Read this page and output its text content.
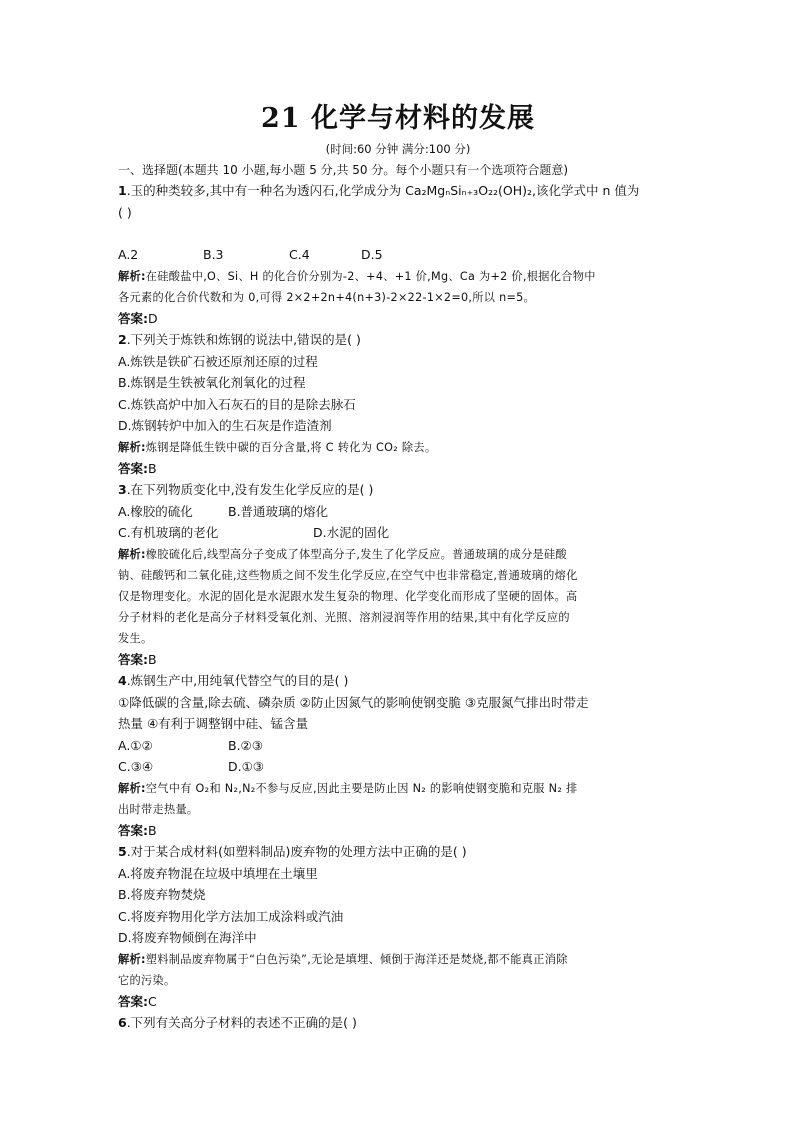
21 化学与材料的发展
(时间:60 分钟 满分:100 分)
一、选择题(本题共 10 小题,每小题 5 分,共 50 分。每个小题只有一个选项符合题意)
1.玉的种类较多,其中有一种名为透闪石,化学成分为 Ca₂MgₙSiₙ₊₃O₂₂(OH)₂,该化学式中 n 值为
( )
A.2	B.3	C.4	D.5
解析:在硅酸盐中,O、Si、H 的化合价分别为-2、+4、+1 价,Mg、Ca 为+2 价,根据化合物中
各元素的化合价代数和为 0,可得 2×2+2n+4(n+3)-2×22-1×2=0,所以 n=5。
答案:D
2.下列关于炼铁和炼钢的说法中,错误的是( )
A.炼铁是铁矿石被还原剂还原的过程
B.炼钢是生铁被氧化剂氧化的过程
C.炼铁高炉中加入石灰石的目的是除去脉石
D.炼钢转炉中加入的生石灰是作造渣剂
解析:炼钢是降低生铁中碳的百分含量,将 C 转化为 CO₂ 除去。
答案:B
3.在下列物质变化中,没有发生化学反应的是( )
A.橡胶的硫化	B.普通玻璃的熔化
C.有机玻璃的老化	D.水泥的固化
解析:橡胶硫化后,线型高分子变成了体型高分子,发生了化学反应。普通玻璃的成分是硅酸
钠、硅酸钙和二氧化硅,这些物质之间不发生化学反应,在空气中也非常稳定,普通玻璃的熔化
仅是物理变化。水泥的固化是水泥跟水发生复杂的物理、化学变化而形成了坚硬的固体。高
分子材料的老化是高分子材料受氧化剂、光照、溶剂浸润等作用的结果,其中有化学反应的
发生。
答案:B
4.炼钢生产中,用纯氧代替空气的目的是( )
①降低碳的含量,除去硫、磷杂质 ②防止因氮气的影响使钢变脆 ③克服氮气排出时带走
热量 ④有利于调整钢中硅、锰含量
A.①②	B.②③
C.③④	D.①③
解析:空气中有 O₂和 N₂,N₂不参与反应,因此主要是防止因 N₂ 的影响使钢变脆和克服 N₂ 排
出时带走热量。
答案:B
5.对于某合成材料(如塑料制品)废弃物的处理方法中正确的是( )
A.将废弃物混在垃圾中填埋在土壤里
B.将废弃物焚烧
C.将废弃物用化学方法加工成涂料或汽油
D.将废弃物倾倒在海洋中
解析:塑料制品废弃物属于“白色污染”,无论是填埋、倾倒于海洋还是焚烧,都不能真正消除
它的污染。
答案:C
6.下列有关高分子材料的表述不正确的是( )
